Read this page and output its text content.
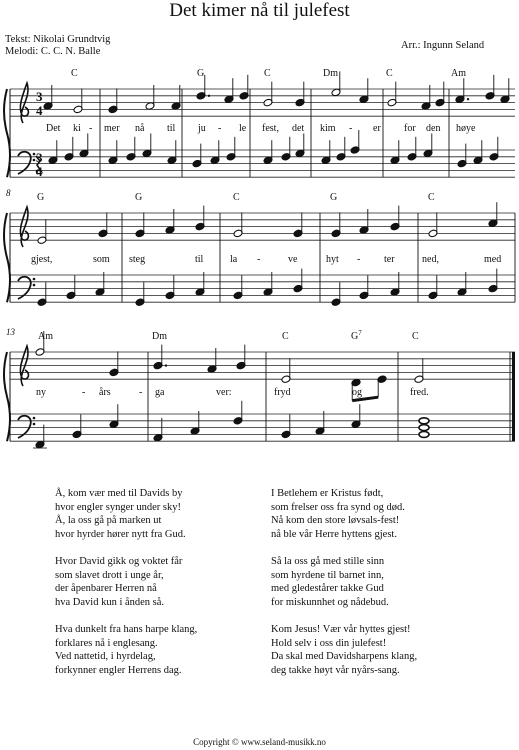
Det kimer nå til julefest
Tekst: Nikolai Grundtvig
Melodi: C. C. N. Balle
Arr.: Ingunn Seland
3
4
3
4
C	G	C	Dm	C	Am
Det ki - mer nå til ju - le fest, det kim - er for den høye
8	G	G	C	G	C
gjest,	som steg	til	la -	ve	hyt - ter	ned,	med
13 Am	Dm	C	$G^7$	C
ny	- års	- ga	ver:	fryd	og	fred.
Å, kom vær med til Davids by
hvor engler synger under sky!
Å, la oss gå på marken ut
hvor hyrder hører nytt fra Gud.
Hvor David gikk og voktet får
som slavet drott i unge år,
der åpenbarer Herren nå
hva David kun i ånden så.
Hva dunkelt fra hans harpe klang,
forklares nå i englesang.
Ved nattetid, i hyrdelag,
forkynner engler Herrens dag.
I Betlehem er Kristus født,
som frelser oss fra synd og død.
Nå kom den store løvsals-fest!
nå ble vår Herre hyttens gjest.
Så la oss gå med stille sinn
som hyrdene til barnet inn,
med gledestårer takke Gud
for miskunnhet og nådebud.
Kom Jesus! Vær vår hyttes gjest!
Hold selv i oss din julefest!
Da skal med Davidsharpens klang,
deg takke høyt vår nyårs-sang.
Copyright © www.seland-musikk.no
